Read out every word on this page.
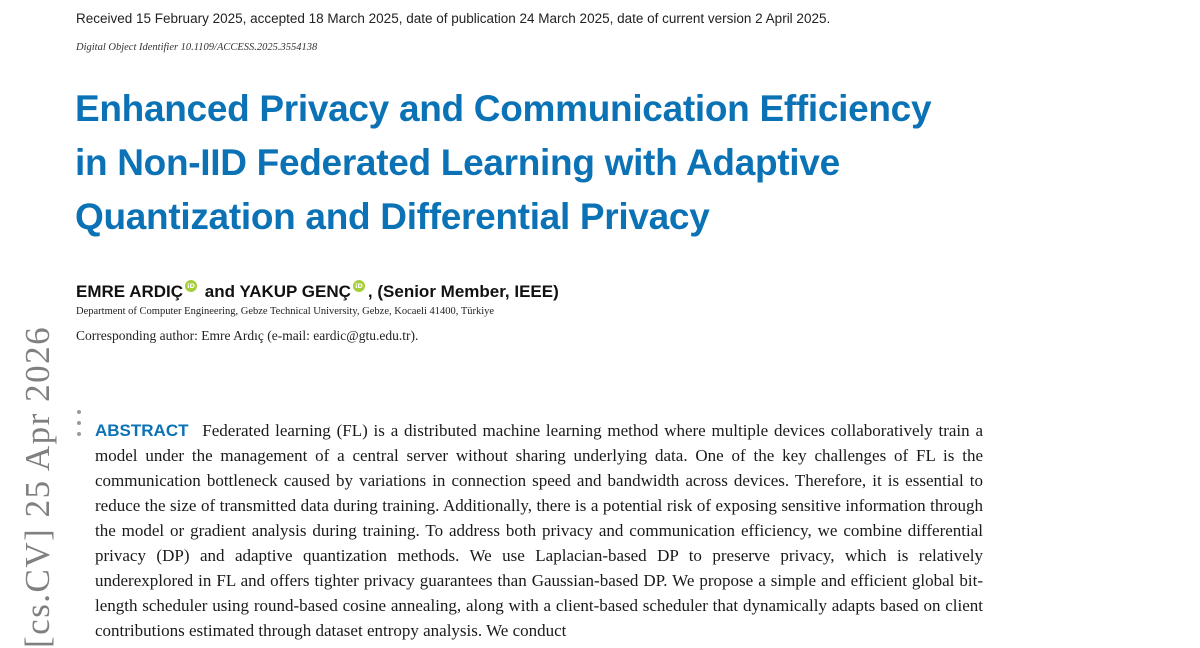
Received 15 February 2025, accepted 18 March 2025, date of publication 24 March 2025, date of current version 2 April 2025.
Digital Object Identifier 10.1109/ACCESS.2025.3554138
Enhanced Privacy and Communication Efficiency
in Non-IID Federated Learning with Adaptive
Quantization and Differential Privacy
EMRE ARDIÇ iD and YAKUP GENÇ iD , (Senior Member, IEEE)
Department of Computer Engineering, Gebze Technical University, Gebze, Kocaeli 41400, Türkiye
Corresponding author: Emre Ardıç (e-mail: eardic@gtu.edu.tr).
[cs.CV] 25 Apr 2026 ABSTRACT Federated learning (FL) is a distributed machine learning method where multiple devices collaboratively train a model under the management of a central server without sharing underlying data. One of the key challenges of FL is the communication bottleneck caused by variations in connection speed and bandwidth across devices. Therefore, it is essential to reduce the size of transmitted data during training. Additionally, there is a potential risk of exposing sensitive information through the model or gradient analysis during training. To address both privacy and communication efficiency, we combine differential privacy (DP) and adaptive quantization methods. We use Laplacian-based DP to preserve privacy, which is relatively underexplored in FL and offers tighter privacy guarantees than Gaussian-based DP. We propose a simple and efficient global bit-length scheduler using round-based cosine annealing, along with a client-based scheduler that dynamically adapts based on client contributions estimated through dataset entropy analysis. We conduct
